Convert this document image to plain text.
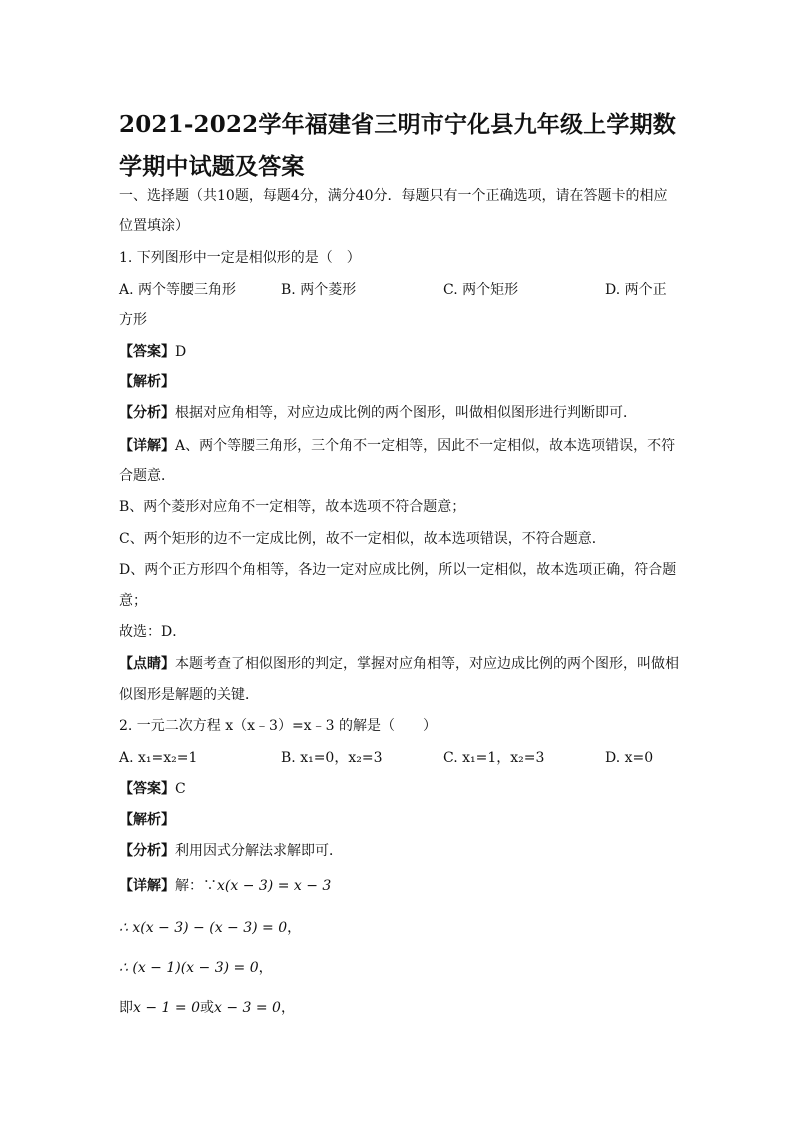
2021-2022学年福建省三明市宁化县九年级上学期数学期中试题及答案
一、选择题（共10题，每题4分，满分40分．每题只有一个正确选项，请在答题卡的相应
位置填涂）
1. 下列图形中一定是相似形的是（　）
A. 两个等腰三角形	B. 两个菱形	C. 两个矩形	D. 两个正
方形
【答案】D
【解析】
【分析】根据对应角相等，对应边成比例的两个图形，叫做相似图形进行判断即可．
【详解】A、两个等腰三角形，三个角不一定相等，因此不一定相似，故本选项错误，不符
合题意．
B、两个菱形对应角不一定相等，故本选项不符合题意；
C、两个矩形的边不一定成比例，故不一定相似，故本选项错误，不符合题意．
D、两个正方形四个角相等，各边一定对应成比例，所以一定相似，故本选项正确，符合题
意；
故选：D．
【点睛】本题考查了相似图形的判定，掌握对应角相等，对应边成比例的两个图形，叫做相
似图形是解题的关键．
2. 一元二次方程 x（x﹣3）=x﹣3 的解是（　　）
A. x₁=x₂=1	B. x₁=0，x₂=3	C. x₁=1，x₂=3	D. x=0
【答案】C
【解析】
【分析】利用因式分解法求解即可．
【详解】解：∵x(x − 3) = x − 3
∴ x(x − 3) − (x − 3) = 0，
∴ (x − 1)(x − 3) = 0，
即x − 1 = 0或x − 3 = 0，
